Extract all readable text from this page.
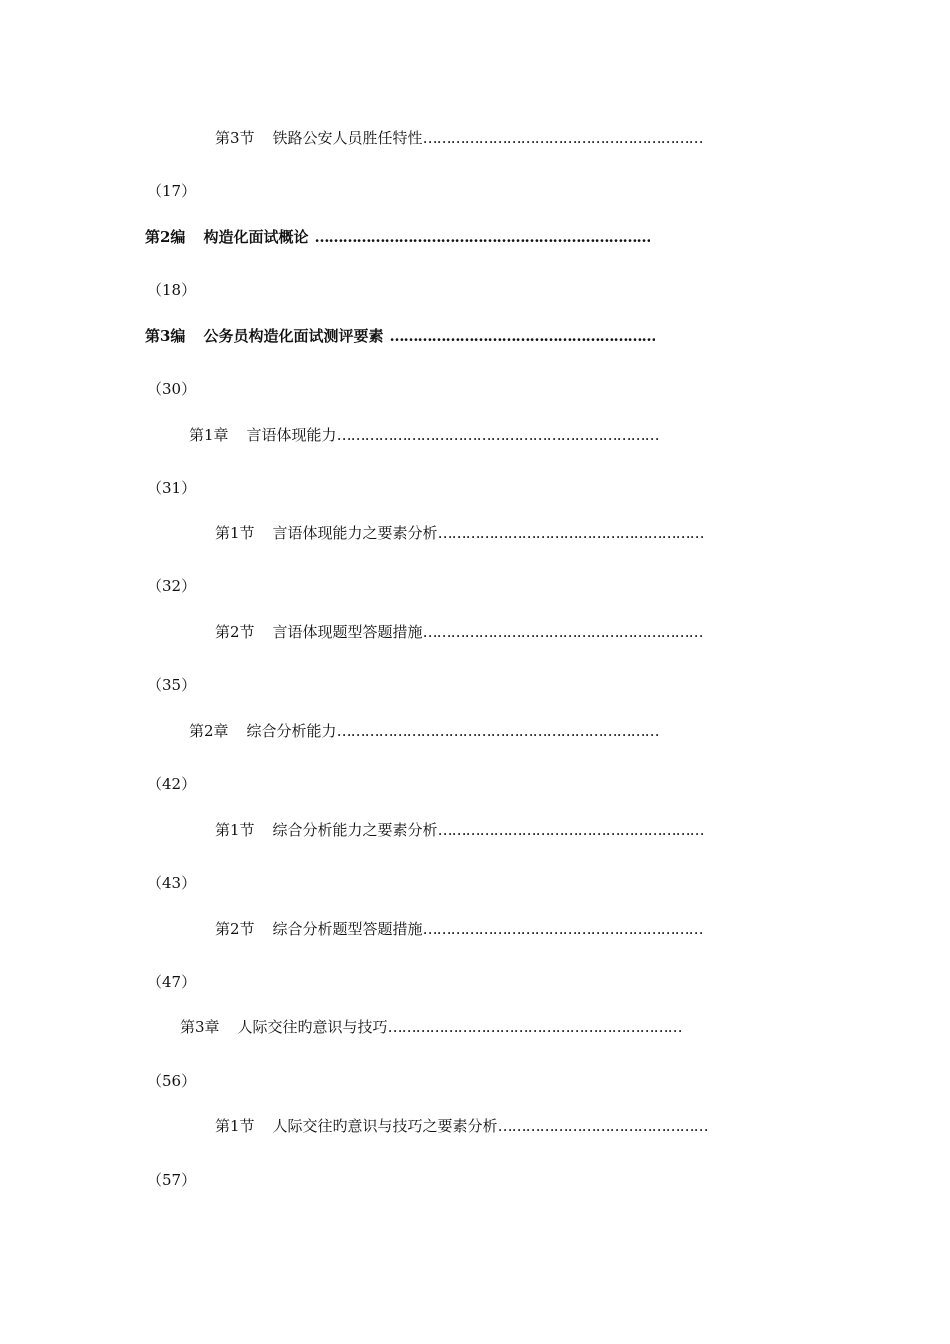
第3节 铁路公安人员胜任特性……………………………………………………
（17）
第2编 构造化面试概论 ………………………………………………………………
（18）
第3编 公务员构造化面试测评要素 …………………………………………………
（30）
第1章 言语体现能力……………………………………………………………
（31）
第1节 言语体现能力之要素分析…………………………………………………
（32）
第2节 言语体现题型答题措施……………………………………………………
（35）
第2章 综合分析能力……………………………………………………………
（42）
第1节 综合分析能力之要素分析…………………………………………………
（43）
第2节 综合分析题型答题措施……………………………………………………
（47）
第3章 人际交往旳意识与技巧………………………………………………………
（56）
第1节 人际交往旳意识与技巧之要素分析………………………………………
（57）
